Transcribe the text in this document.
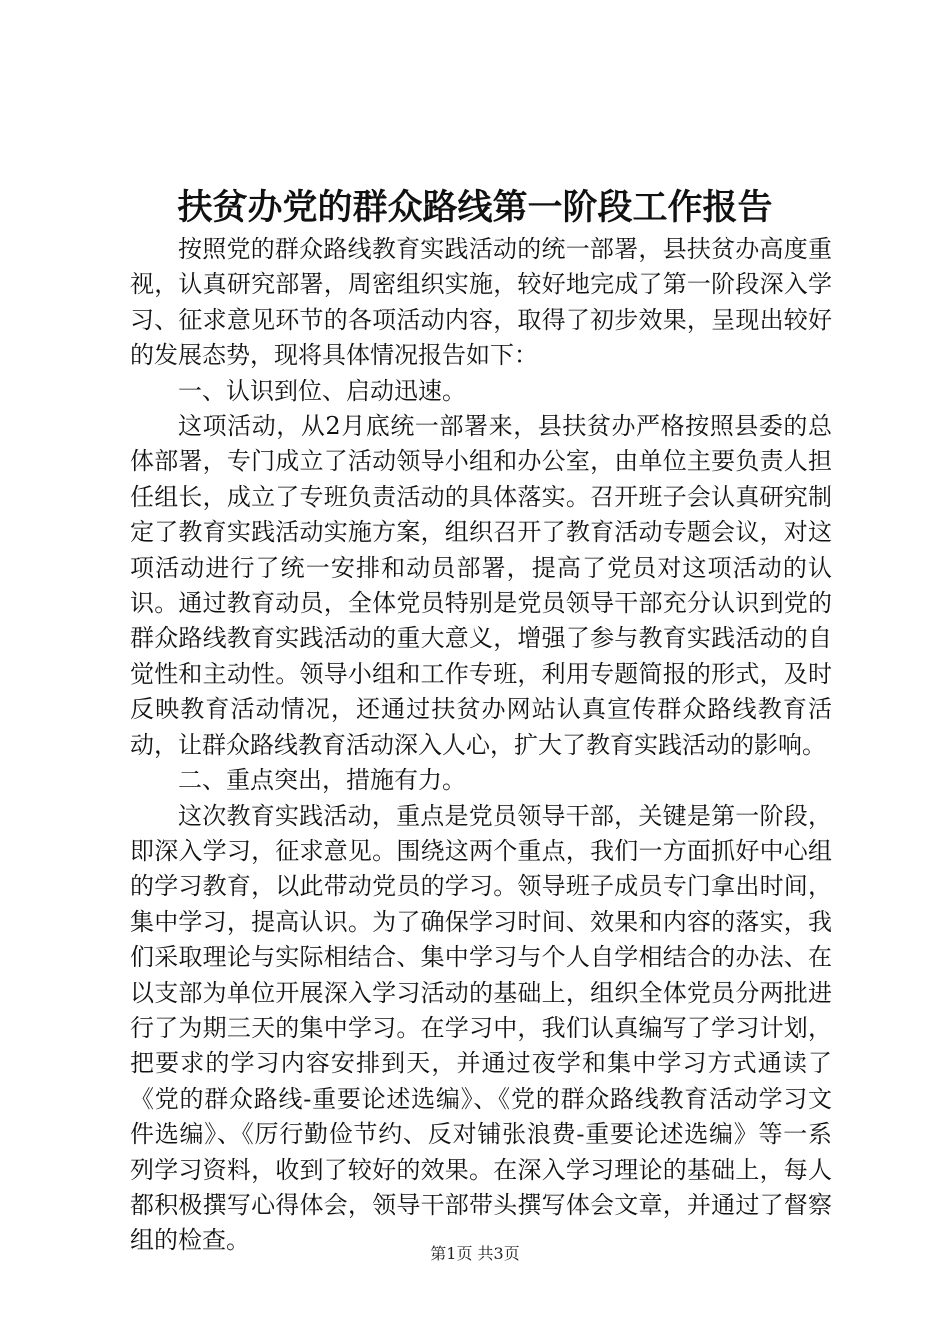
扶贫办党的群众路线第一阶段工作报告

按照党的群众路线教育实践活动的统一部署，县扶贫办高度重视，认真研究部署，周密组织实施，较好地完成了第一阶段深入学习、征求意见环节的各项活动内容，取得了初步效果，呈现出较好的发展态势，现将具体情况报告如下：

一、认识到位、启动迅速。

这项活动，从2月底统一部署来，县扶贫办严格按照县委的总体部署，专门成立了活动领导小组和办公室，由单位主要负责人担任组长，成立了专班负责活动的具体落实。召开班子会认真研究制定了教育实践活动实施方案，组织召开了教育活动专题会议，对这项活动进行了统一安排和动员部署，提高了党员对这项活动的认识。通过教育动员，全体党员特别是党员领导干部充分认识到党的群众路线教育实践活动的重大意义，增强了参与教育实践活动的自觉性和主动性。领导小组和工作专班，利用专题简报的形式，及时反映教育活动情况，还通过扶贫办网站认真宣传群众路线教育活动，让群众路线教育活动深入人心，扩大了教育实践活动的影响。

二、重点突出，措施有力。

这次教育实践活动，重点是党员领导干部，关键是第一阶段，即深入学习，征求意见。围绕这两个重点，我们一方面抓好中心组的学习教育，以此带动党员的学习。领导班子成员专门拿出时间，集中学习，提高认识。为了确保学习时间、效果和内容的落实，我们采取理论与实际相结合、集中学习与个人自学相结合的办法、在以支部为单位开展深入学习活动的基础上，组织全体党员分两批进行了为期三天的集中学习。在学习中，我们认真编写了学习计划，把要求的学习内容安排到天，并通过夜学和集中学习方式通读了《党的群众路线-重要论述选编》、《党的群众路线教育活动学习文件选编》、《厉行勤俭节约、反对铺张浪费-重要论述选编》等一系列学习资料，收到了较好的效果。在深入学习理论的基础上，每人都积极撰写心得体会，领导干部带头撰写体会文章，并通过了督察组的检查。	第1页 共3页
